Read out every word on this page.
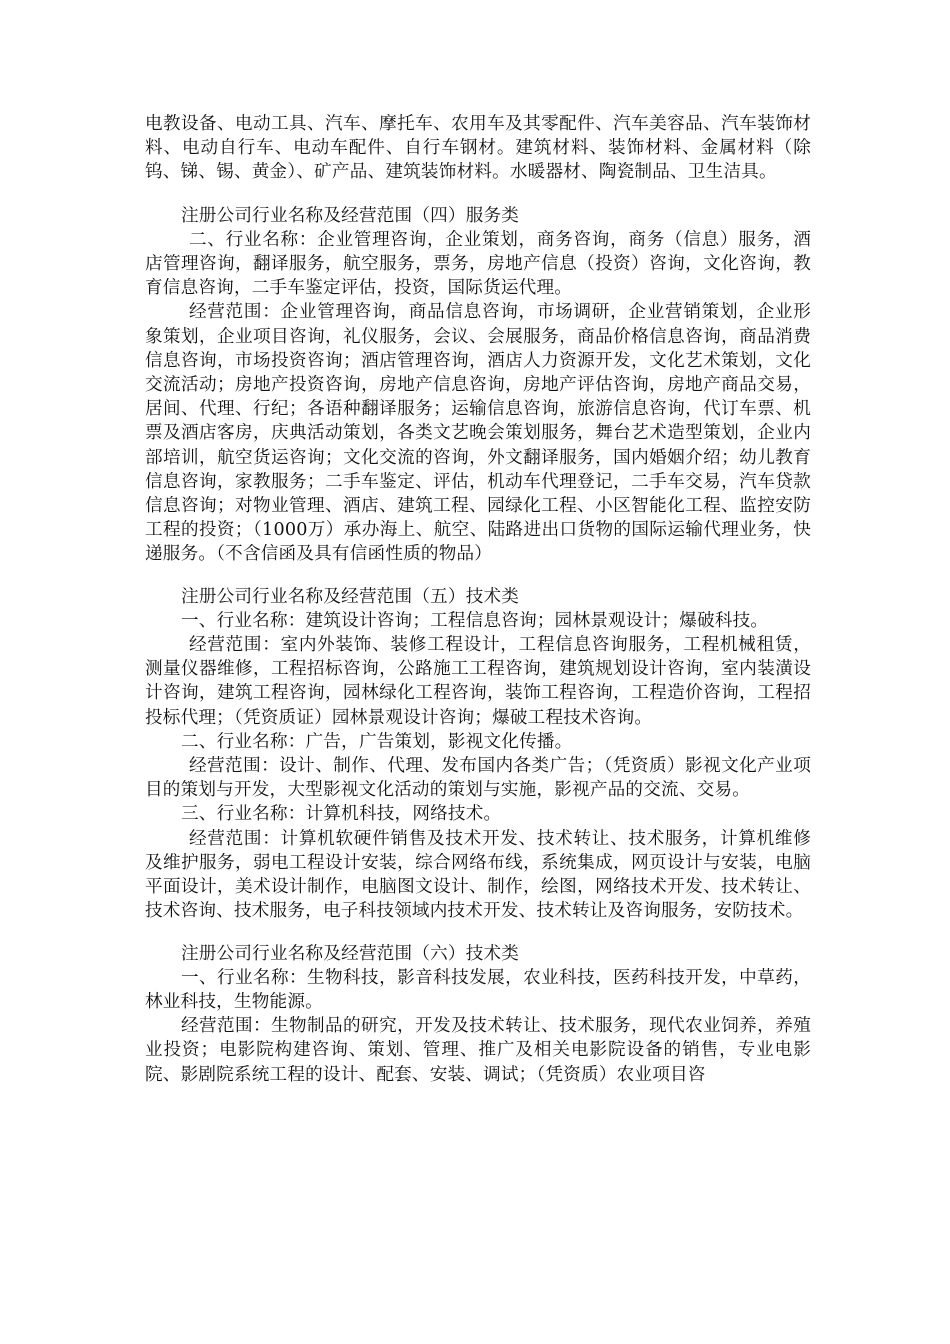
电教设备、电动工具、汽车、摩托车、农用车及其零配件、汽车美容品、汽车装饰材料、电动自行车、电动车配件、自行车钢材。建筑材料、装饰材料、金属材料（除钨、锑、锡、黄金）、矿产品、建筑装饰材料。水暖器材、陶瓷制品、卫生洁具。

注册公司行业名称及经营范围（四）服务类

二、行业名称：企业管理咨询，企业策划，商务咨询，商务（信息）服务，酒店管理咨询，翻译服务，航空服务，票务，房地产信息（投资）咨询，文化咨询，教育信息咨询，二手车鉴定评估，投资，国际货运代理。

经营范围：企业管理咨询，商品信息咨询，市场调研，企业营销策划，企业形象策划，企业项目咨询，礼仪服务，会议、会展服务，商品价格信息咨询，商品消费信息咨询，市场投资咨询；酒店管理咨询，酒店人力资源开发，文化艺术策划，文化交流活动；房地产投资咨询，房地产信息咨询，房地产评估咨询，房地产商品交易，居间、代理、行纪；各语种翻译服务；运输信息咨询，旅游信息咨询，代订车票、机票及酒店客房，庆典活动策划，各类文艺晚会策划服务，舞台艺术造型策划，企业内部培训，航空货运咨询；文化交流的咨询，外文翻译服务，国内婚姻介绍；幼儿教育信息咨询，家教服务；二手车鉴定、评估，机动车代理登记，二手车交易，汽车贷款信息咨询；对物业管理、酒店、建筑工程、园绿化工程、小区智能化工程、监控安防工程的投资；（1000万）承办海上、航空、陆路进出口货物的国际运输代理业务，快递服务。（不含信函及具有信函性质的物品）

注册公司行业名称及经营范围（五）技术类

一、行业名称：建筑设计咨询；工程信息咨询；园林景观设计；爆破科技。

经营范围：室内外装饰、装修工程设计，工程信息咨询服务，工程机械租赁，测量仪器维修，工程招标咨询，公路施工工程咨询，建筑规划设计咨询，室内装潢设计咨询，建筑工程咨询，园林绿化工程咨询，装饰工程咨询，工程造价咨询，工程招投标代理；（凭资质证）园林景观设计咨询；爆破工程技术咨询。

二、行业名称：广告，广告策划，影视文化传播。

经营范围：设计、制作、代理、发布国内各类广告；（凭资质）影视文化产业项目的策划与开发，大型影视文化活动的策划与实施，影视产品的交流、交易。

三、行业名称：计算机科技，网络技术。

经营范围：计算机软硬件销售及技术开发、技术转让、技术服务，计算机维修及维护服务，弱电工程设计安装，综合网络布线，系统集成，网页设计与安装，电脑平面设计，美术设计制作，电脑图文设计、制作，绘图，网络技术开发、技术转让、技术咨询、技术服务，电子科技领域内技术开发、技术转让及咨询服务，安防技术。

注册公司行业名称及经营范围（六）技术类

一、行业名称：生物科技，影音科技发展，农业科技，医药科技开发，中草药，林业科技，生物能源。

经营范围：生物制品的研究，开发及技术转让、技术服务，现代农业饲养，养殖业投资；电影院构建咨询、策划、管理、推广及相关电影院设备的销售，专业电影院、影剧院系统工程的设计、配套、安装、调试；（凭资质）农业项目咨
